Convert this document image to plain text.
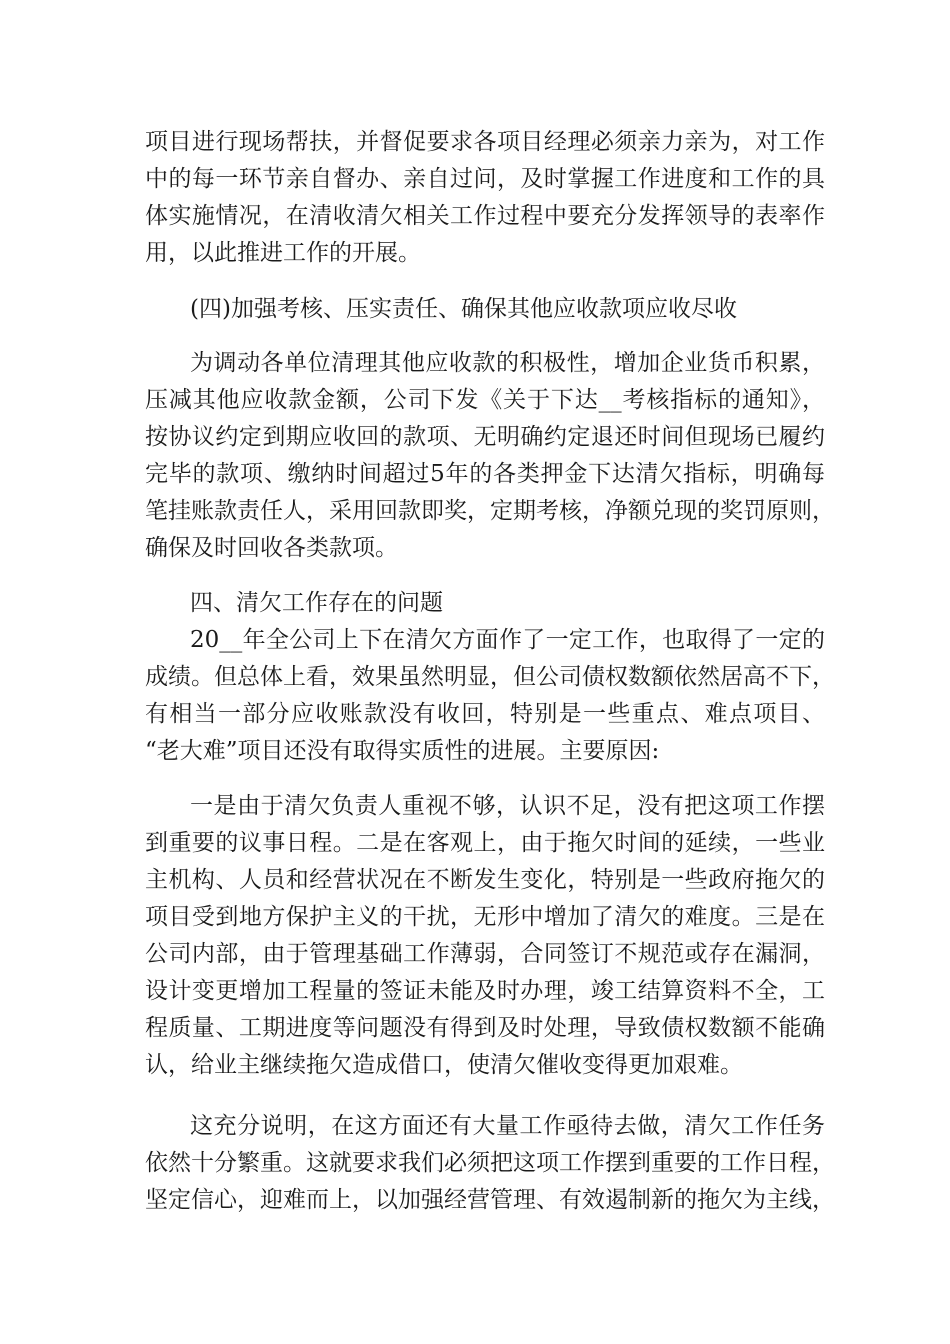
项目进行现场帮扶，并督促要求各项目经理必须亲力亲为，对工作
中的每一环节亲自督办、亲自过问，及时掌握工作进度和工作的具
体实施情况，在清收清欠相关工作过程中要充分发挥领导的表率作
用，以此推进工作的开展。
(四)加强考核、压实责任、确保其他应收款项应收尽收
为调动各单位清理其他应收款的积极性，增加企业货币积累，
压减其他应收款金额，公司下发《关于下达__考核指标的通知》，
按协议约定到期应收回的款项、无明确约定退还时间但现场已履约
完毕的款项、缴纳时间超过5年的各类押金下达清欠指标，明确每
笔挂账款责任人，采用回款即奖，定期考核，净额兑现的奖罚原则，
确保及时回收各类款项。
四、清欠工作存在的问题
20__年全公司上下在清欠方面作了一定工作，也取得了一定的
成绩。但总体上看，效果虽然明显，但公司债权数额依然居高不下，
有相当一部分应收账款没有收回，特别是一些重点、难点项目、
“老大难”项目还没有取得实质性的进展。主要原因:
一是由于清欠负责人重视不够，认识不足，没有把这项工作摆
到重要的议事日程。二是在客观上，由于拖欠时间的延续，一些业
主机构、人员和经营状况在不断发生变化，特别是一些政府拖欠的
项目受到地方保护主义的干扰，无形中增加了清欠的难度。三是在
公司内部，由于管理基础工作薄弱，合同签订不规范或存在漏洞，
设计变更增加工程量的签证未能及时办理，竣工结算资料不全，工
程质量、工期进度等问题没有得到及时处理，导致债权数额不能确
认，给业主继续拖欠造成借口，使清欠催收变得更加艰难。
这充分说明，在这方面还有大量工作亟待去做，清欠工作任务
依然十分繁重。这就要求我们必须把这项工作摆到重要的工作日程，
坚定信心，迎难而上，以加强经营管理、有效遏制新的拖欠为主线，
